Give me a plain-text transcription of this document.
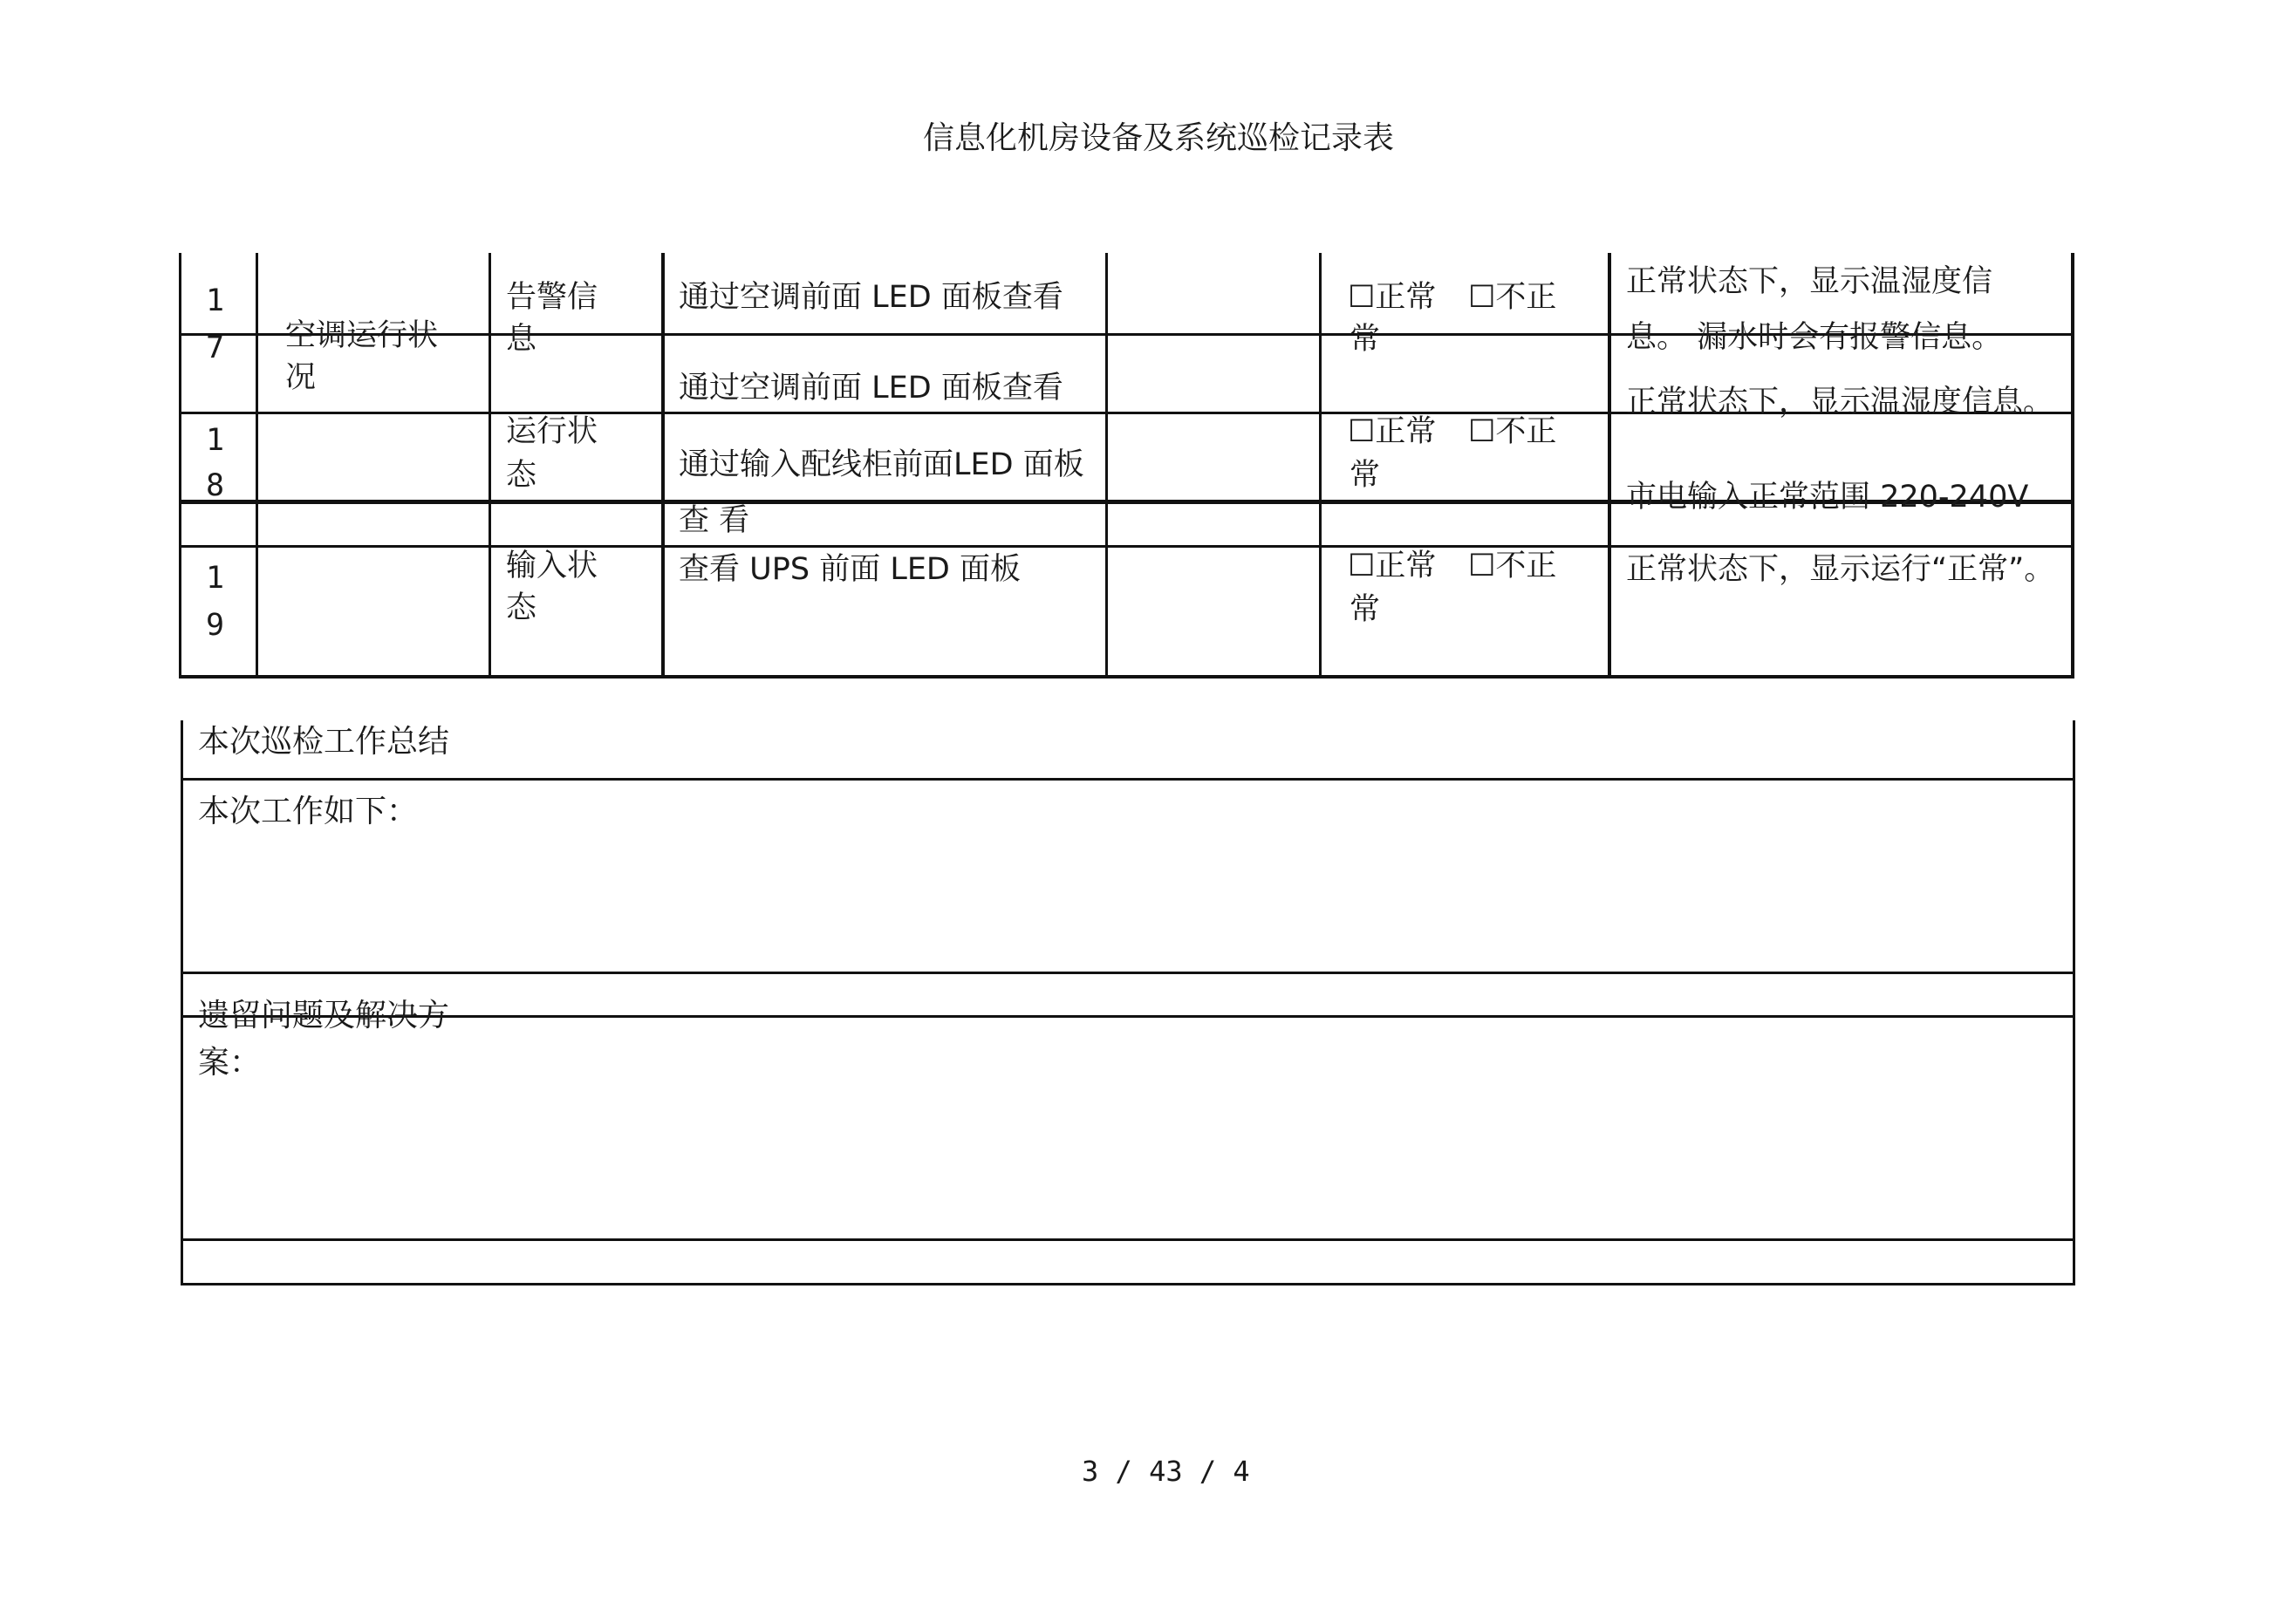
信息化机房设备及系统巡检记录表
空调运行状
况
1
7
告警信
息
通过空调前面 LED 面板查看
通过空调前面 LED 面板查看
☐正常 ☐不正
常
正常状态下，显示温湿度信
息。 漏水时会有报警信息。
正常状态下，显示温湿度信息。
1
8
运行状
态	通过输入配线柜前面LED 面板
查 看
☐正常 ☐不正
常
市电输入正常范围 220-240V
1
9
输入状
态
查看 UPS 前面 LED 面板	☐正常 ☐不正
常
正常状态下，显示运行“正常”。
本次巡检工作总结
本次工作如下：
遗留问题及解决方
案：
3 / 43 / 4
